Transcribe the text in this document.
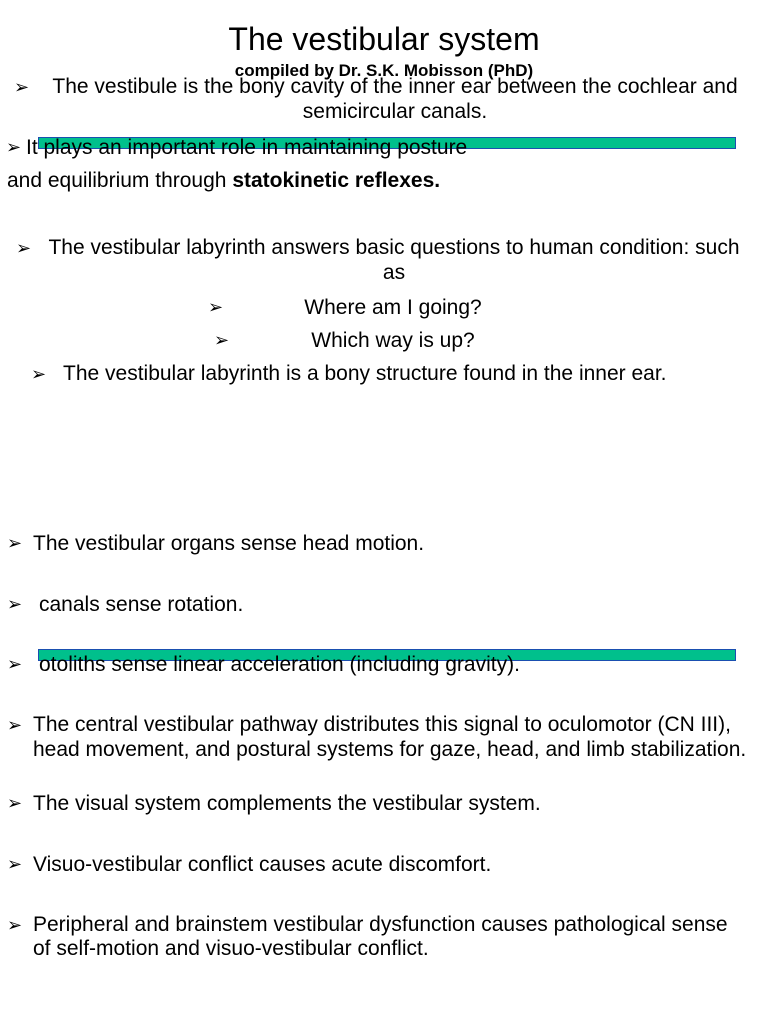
The vestibular system
compiled by Dr. S.K. Mobisson (PhD)
➢	The vestibule is the bony cavity of the inner ear between the cochlear and semicircular canals.
➢ It plays an important role in maintaining posture
and equilibrium through statokinetic reflexes.
➢ The vestibular labyrinth answers basic questions to human condition: such as
➢	Where am I going?
➢	Which way is up?
➢ The vestibular labyrinth is a bony structure found in the inner ear.
➢ The vestibular organs sense head motion.
➢ canals sense rotation.
➢ otoliths sense linear acceleration (including gravity).
➢ The central vestibular pathway distributes this signal to oculomotor (CN III), head movement, and postural systems for gaze, head, and limb stabilization.
➢ The visual system complements the vestibular system.
➢ Visuo-vestibular conflict causes acute discomfort.
➢ Peripheral and brainstem vestibular dysfunction causes pathological sense of self-motion and visuo-vestibular conflict.
